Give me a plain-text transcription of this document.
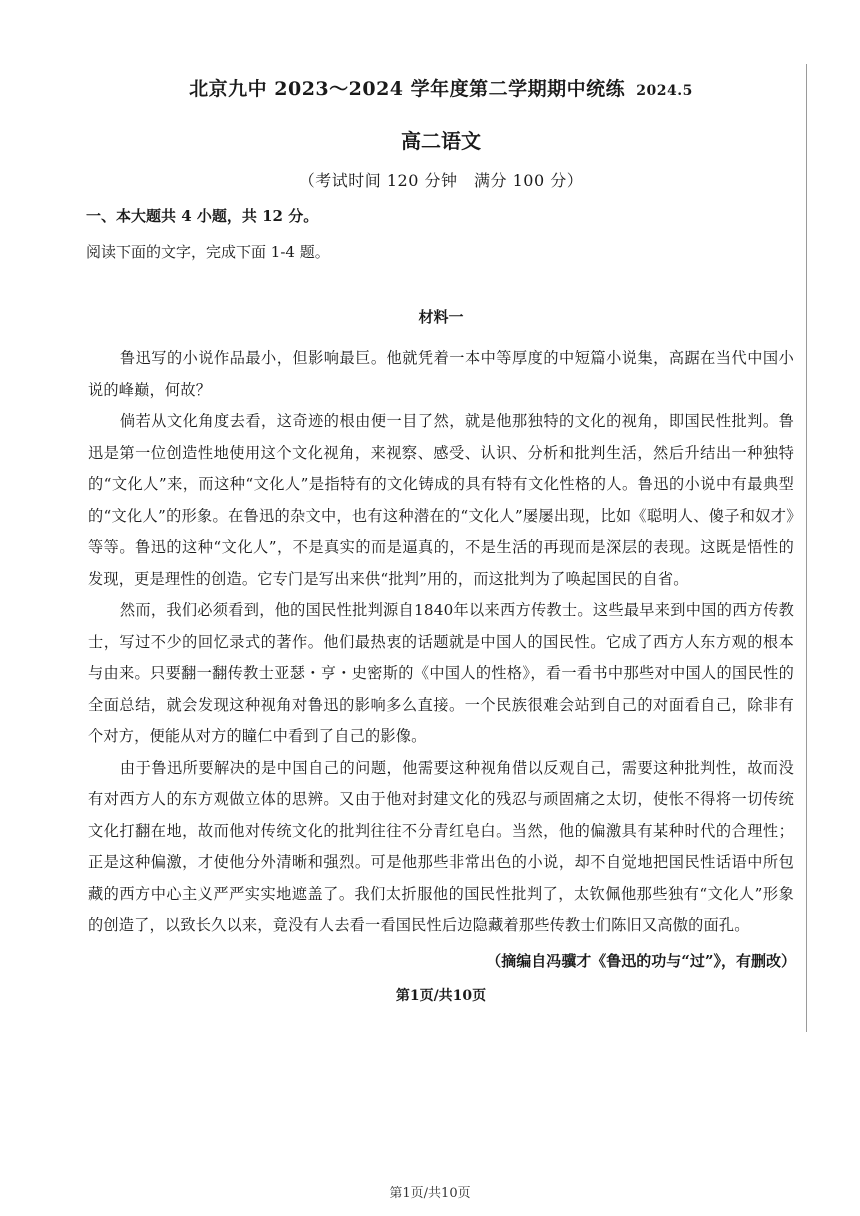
北京九中 2023～2024 学年度第二学期期中统练 2024.5
高二语文
（考试时间 120 分钟　满分 100 分）
一、本大题共 4 小题，共 12 分。
阅读下面的文字，完成下面 1-4 题。
材料一

鲁迅写的小说作品最小，但影响最巨。他就凭着一本中等厚度的中短篇小说集，高踞在当代中国小说的峰巅，何故？

倘若从文化角度去看，这奇迹的根由便一目了然，就是他那独特的文化的视角，即国民性批判。鲁迅是第一位创造性地使用这个文化视角，来视察、感受、认识、分析和批判生活，然后升结出一种独特的“文化人”来，而这种“文化人”是指特有的文化铸成的具有特有文化性格的人。鲁迅的小说中有最典型的“文化人”的形象。在鲁迅的杂文中，也有这种潜在的“文化人”屡屡出现，比如《聪明人、傻子和奴才》等等。鲁迅的这种“文化人”，不是真实的而是逼真的，不是生活的再现而是深层的表现。这既是悟性的发现，更是理性的创造。它专门是写出来供“批判”用的，而这批判为了唤起国民的自省。

然而，我们必须看到，他的国民性批判源自1840年以来西方传教士。这些最早来到中国的西方传教士，写过不少的回忆录式的著作。他们最热衷的话题就是中国人的国民性。它成了西方人东方观的根本与由来。只要翻一翻传教士亚瑟・亨・史密斯的《中国人的性格》，看一看书中那些对中国人的国民性的全面总结，就会发现这种视角对鲁迅的影响多么直接。一个民族很难会站到自己的对面看自己，除非有个对方，便能从对方的瞳仁中看到了自己的影像。

由于鲁迅所要解决的是中国自己的问题，他需要这种视角借以反观自己，需要这种批判性，故而没有对西方人的东方观做立体的思辨。又由于他对封建文化的残忍与顽固痛之太切，使怅不得将一切传统文化打翻在地，故而他对传统文化的批判往往不分青红皂白。当然，他的偏激具有某种时代的合理性；正是这种偏激，才使他分外清晰和强烈。可是他那些非常出色的小说，却不自觉地把国民性话语中所包藏的西方中心主义严严实实地遮盖了。我们太折服他的国民性批判了，太钦佩他那些独有“文化人”形象的创造了，以致长久以来，竟没有人去看一看国民性后边隐藏着那些传教士们陈旧又高傲的面孔。

（摘编自冯骥才《鲁迅的功与“过”》，有删改）
第1页/共10页
第1页/共10页
